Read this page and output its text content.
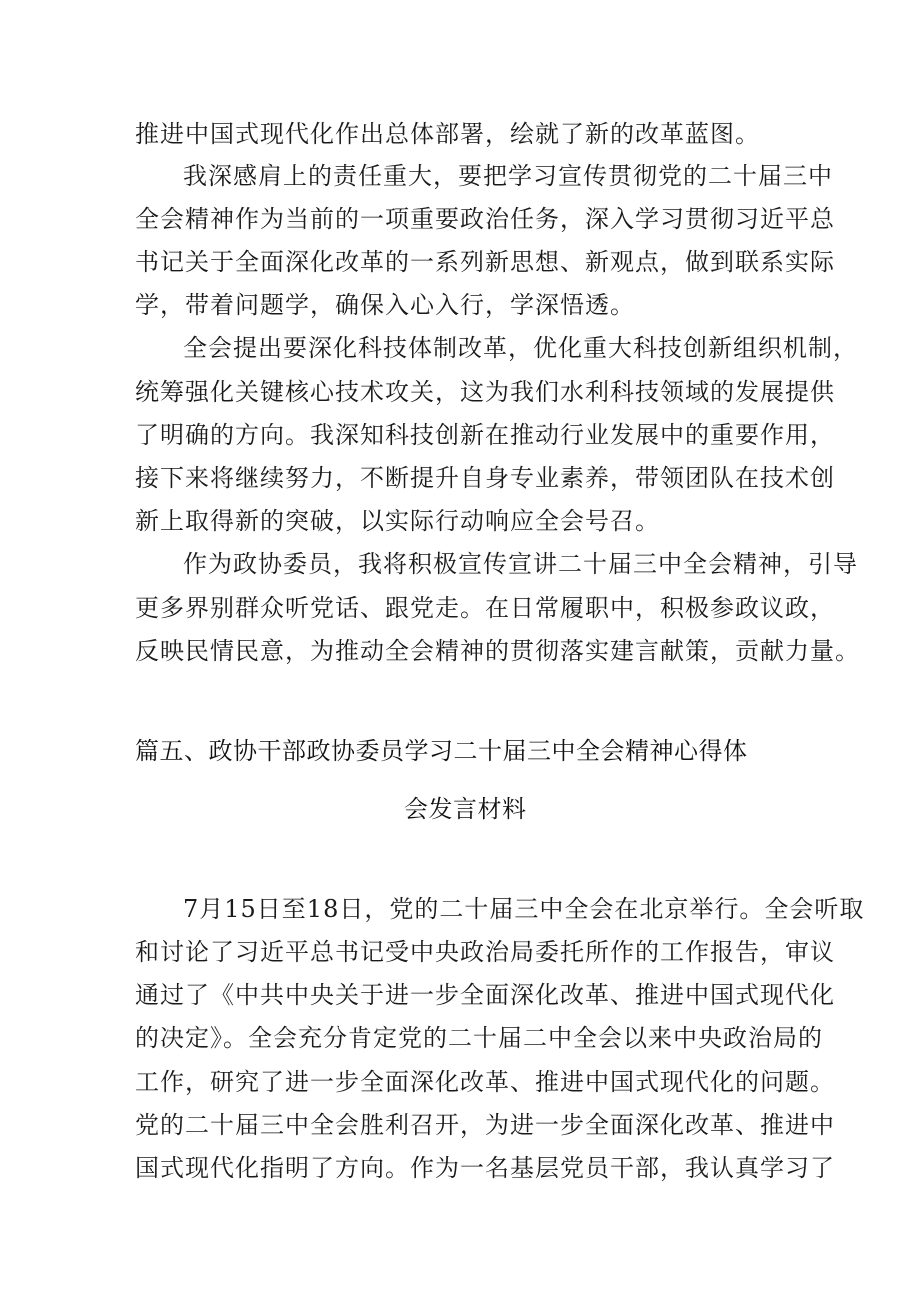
推进中国式现代化作出总体部署，绘就了新的改革蓝图。
我深感肩上的责任重大，要把学习宣传贯彻党的二十届三中
全会精神作为当前的一项重要政治任务，深入学习贯彻习近平总
书记关于全面深化改革的一系列新思想、新观点，做到联系实际
学，带着问题学，确保入心入行，学深悟透。
全会提出要深化科技体制改革，优化重大科技创新组织机制，
统筹强化关键核心技术攻关，这为我们水利科技领域的发展提供
了明确的方向。我深知科技创新在推动行业发展中的重要作用，
接下来将继续努力，不断提升自身专业素养，带领团队在技术创
新上取得新的突破，以实际行动响应全会号召。
作为政协委员，我将积极宣传宣讲二十届三中全会精神，引导
更多界别群众听党话、跟党走。在日常履职中，积极参政议政，
反映民情民意，为推动全会精神的贯彻落实建言献策，贡献力量。
篇五、政协干部政协委员学习二十届三中全会精神心得体
会发言材料
7月15日至18日，党的二十届三中全会在北京举行。全会听取
和讨论了习近平总书记受中央政治局委托所作的工作报告，审议
通过了《中共中央关于进一步全面深化改革、推进中国式现代化
的决定》。全会充分肯定党的二十届二中全会以来中央政治局的
工作，研究了进一步全面深化改革、推进中国式现代化的问题。
党的二十届三中全会胜利召开，为进一步全面深化改革、推进中
国式现代化指明了方向。作为一名基层党员干部，我认真学习了
